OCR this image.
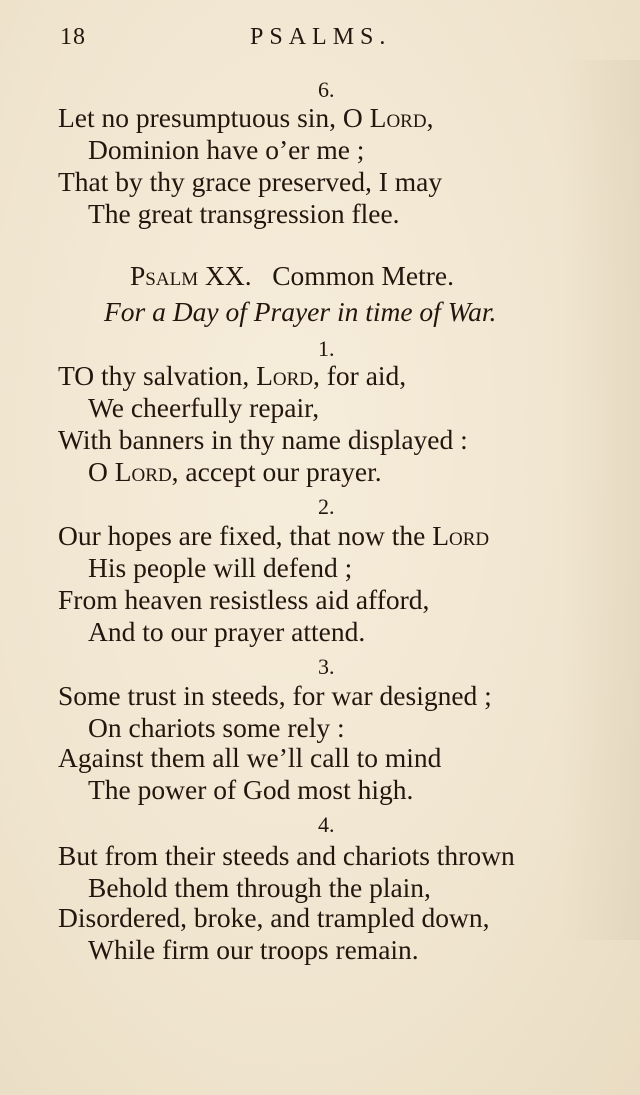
18	PSALMS.
6.
Let no presumptuous sin, O Lord,
Dominion have o’er me ;
That by thy grace preserved, I may
The great transgression flee.
Psalm XX.   Common Metre.
For a Day of Prayer in time of War.
1.
TO thy salvation, Lord, for aid,
We cheerfully repair,
With banners in thy name displayed :
O Lord, accept our prayer.
2.
Our hopes are fixed, that now the Lord
His people will defend ;
From heaven resistless aid afford,
And to our prayer attend.
3.
Some trust in steeds, for war designed ;
On chariots some rely :
Against them all we’ll call to mind
The power of God most high.
4.
But from their steeds and chariots thrown
Behold them through the plain,
Disordered, broke, and trampled down,
While firm our troops remain.
